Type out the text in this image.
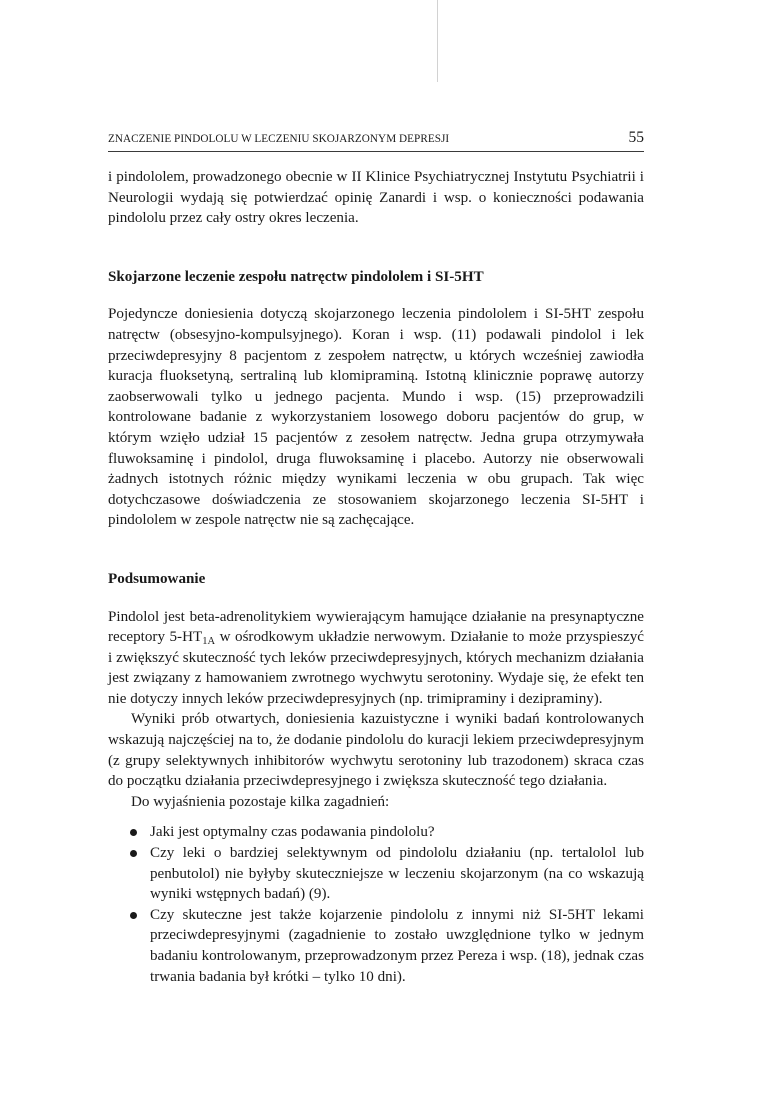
ZNACZENIE PINDOLOLU W LECZENIU SKOJARZONYM DEPRESJI	55

i pindololem, prowadzonego obecnie w II Klinice Psychiatrycznej Instytutu Psychiatrii i Neurologii wydają się potwierdzać opinię Zanardi i wsp. o konieczności podawania pindololu przez cały ostry okres leczenia.

Skojarzone leczenie zespołu natręctw pindololem i SI-5HT

Pojedyncze doniesienia dotyczą skojarzonego leczenia pindololem i SI-5HT zespołu natręctw (obsesyjno-kompulsyjnego). Koran i wsp. (11) podawali pindolol i lek przeciwdepresyjny 8 pacjentom z zespołem natręctw, u których wcześniej zawiodła kuracja fluoksetyną, sertraliną lub klomipraminą. Istotną klinicznie poprawę autorzy zaobserwowali tylko u jednego pacjenta. Mundo i wsp. (15) przeprowadzili kontrolowane badanie z wykorzystaniem losowego doboru pacjentów do grup, w którym wzięło udział 15 pacjentów z zesołem natręctw. Jedna grupa otrzymywała fluwoksaminę i pindolol, druga fluwoksaminę i placebo. Autorzy nie obserwowali żadnych istotnych różnic między wynikami leczenia w obu grupach. Tak więc dotychczasowe doświadczenia ze stosowaniem skojarzonego leczenia SI-5HT i pindololem w zespole natręctw nie są zachęcające.

Podsumowanie

Pindolol jest beta-adrenolitykiem wywierającym hamujące działanie na presynaptyczne receptory $5-HT_{1A}$ w ośrodkowym układzie nerwowym. Działanie to może przyspieszyć i zwiększyć skuteczność tych leków przeciwdepresyjnych, których mechanizm działania jest związany z hamowaniem zwrotnego wychwytu serotoniny. Wydaje się, że efekt ten nie dotyczy innych leków przeciwdepresyjnych (np. trimipraminy i dezipraminy).

Wyniki prób otwartych, doniesienia kazuistyczne i wyniki badań kontrolowanych wskazują najczęściej na to, że dodanie pindololu do kuracji lekiem przeciwdepresyjnym (z grupy selektywnych inhibitorów wychwytu serotoniny lub trazodonem) skraca czas do początku działania przeciwdepresyjnego i zwiększa skuteczność tego działania.

Do wyjaśnienia pozostaje kilka zagadnień:

Jaki jest optymalny czas podawania pindololu?
Czy leki o bardziej selektywnym od pindololu działaniu (np. tertalolol lub penbutolol) nie byłyby skuteczniejsze w leczeniu skojarzonym (na co wskazują wyniki wstępnych badań) (9).
Czy skuteczne jest także kojarzenie pindololu z innymi niż SI-5HT lekami przeciwdepresyjnymi (zagadnienie to zostało uwzględnione tylko w jednym badaniu kontrolowanym, przeprowadzonym przez Pereza i wsp. (18), jednak czas trwania badania był krótki – tylko 10 dni).
